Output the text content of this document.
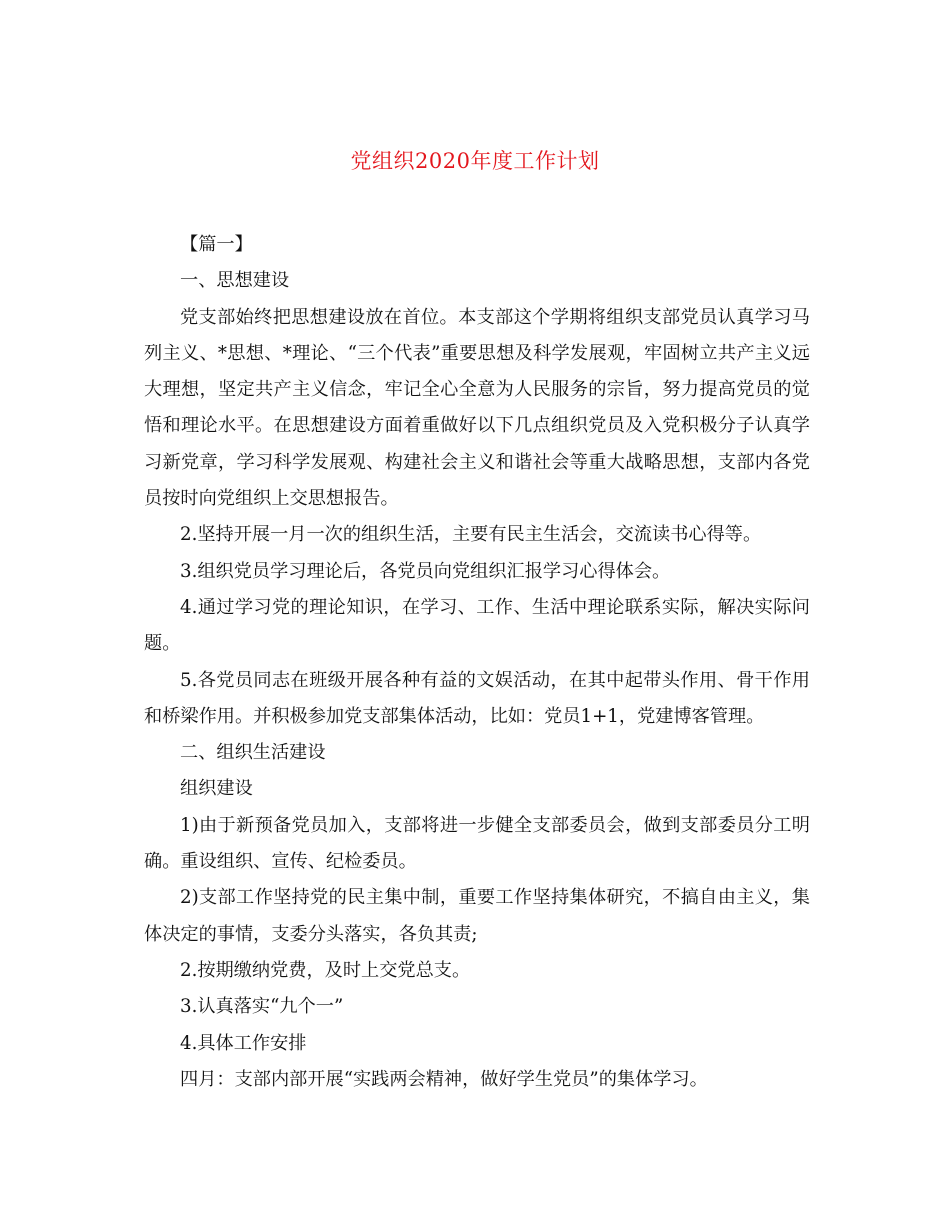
党组织2020年度工作计划

【篇一】

一、思想建设

党支部始终把思想建设放在首位。本支部这个学期将组织支部党员认真学习马列主义、*思想、*理论、“三个代表”重要思想及科学发展观，牢固树立共产主义远大理想，坚定共产主义信念，牢记全心全意为人民服务的宗旨，努力提高党员的觉悟和理论水平。在思想建设方面着重做好以下几点组织党员及入党积极分子认真学习新党章，学习科学发展观、构建社会主义和谐社会等重大战略思想，支部内各党员按时向党组织上交思想报告。

2.坚持开展一月一次的组织生活，主要有民主生活会，交流读书心得等。

3.组织党员学习理论后，各党员向党组织汇报学习心得体会。

4.通过学习党的理论知识，在学习、工作、生活中理论联系实际，解决实际问题。

5.各党员同志在班级开展各种有益的文娱活动，在其中起带头作用、骨干作用和桥梁作用。并积极参加党支部集体活动，比如：党员1+1，党建博客管理。

二、组织生活建设

组织建设

1)由于新预备党员加入，支部将进一步健全支部委员会，做到支部委员分工明确。重设组织、宣传、纪检委员。

2)支部工作坚持党的民主集中制，重要工作坚持集体研究，不搞自由主义，集体决定的事情，支委分头落实，各负其责;

2.按期缴纳党费，及时上交党总支。

3.认真落实“九个一”

4.具体工作安排

四月：支部内部开展“实践两会精神，做好学生党员”的集体学习。
